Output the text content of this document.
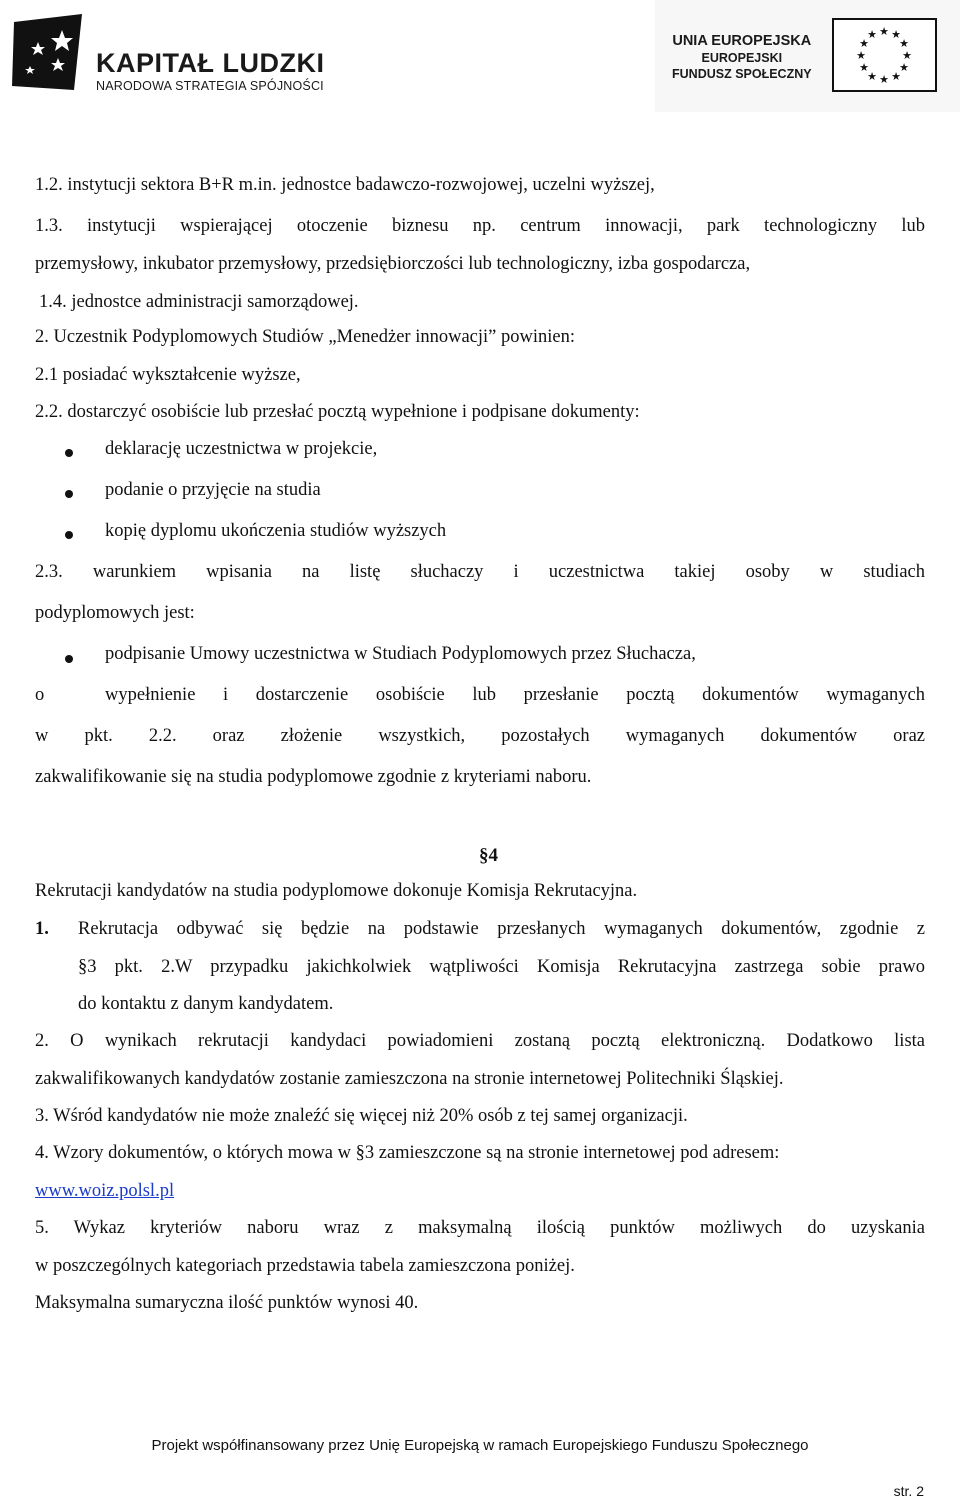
KAPITAŁ LUDZKI
NARODOWA STRATEGIA SPÓJNOŚCI
UNIA EUROPEJSKA
EUROPEJSKI
FUNDUSZ SPOŁECZNY
★ ★
★
★
★
★
★
★
★
★
★
★
1.2. instytucji sektora B+R m.in. jednostce badawczo-rozwojowej, uczelni wyższej,
1.3. instytucji wspierającej otoczenie biznesu np. centrum innowacji, park technologiczny lub
przemysłowy, inkubator przemysłowy, przedsiębiorczości lub technologiczny, izba gospodarcza,
1.4. jednostce administracji samorządowej.
2. Uczestnik Podyplomowych Studiów „Menedżer innowacji” powinien:
2.1 posiadać wykształcenie wyższe,
2.2. dostarczyć osobiście lub przesłać pocztą wypełnione i podpisane dokumenty:
deklarację uczestnictwa w projekcie,
podanie o przyjęcie na studia
kopię dyplomu ukończenia studiów wyższych
2.3. warunkiem wpisania na listę słuchaczy i uczestnictwa takiej osoby w studiach
podyplomowych jest:
podpisanie Umowy uczestnictwa w Studiach Podyplomowych przez Słuchacza,
o	wypełnienie i dostarczenie osobiście lub przesłanie pocztą dokumentów wymaganych
w pkt. 2.2. oraz złożenie wszystkich, pozostałych wymaganych dokumentów oraz
zakwalifikowanie się na studia podyplomowe zgodnie z kryteriami naboru.
§4
Rekrutacji kandydatów na studia podyplomowe dokonuje Komisja Rekrutacyjna.
1. Rekrutacja odbywać się będzie na podstawie przesłanych wymaganych dokumentów, zgodnie z
§3 pkt. 2.W przypadku jakichkolwiek wątpliwości Komisja Rekrutacyjna zastrzega sobie prawo
do kontaktu z danym kandydatem.
2. O wynikach rekrutacji kandydaci powiadomieni zostaną pocztą elektroniczną. Dodatkowo lista
zakwalifikowanych kandydatów zostanie zamieszczona na stronie internetowej Politechniki Śląskiej.
3. Wśród kandydatów nie może znaleźć się więcej niż 20% osób z tej samej organizacji.
4. Wzory dokumentów, o których mowa w §3 zamieszczone są na stronie internetowej pod adresem:
www.woiz.polsl.pl
5. Wykaz kryteriów naboru wraz z maksymalną ilością punktów możliwych do uzyskania
w poszczególnych kategoriach przedstawia tabela zamieszczona poniżej.
Maksymalna sumaryczna ilość punktów wynosi 40.
Projekt współfinansowany przez Unię Europejską w ramach Europejskiego Funduszu Społecznego
str. 2
